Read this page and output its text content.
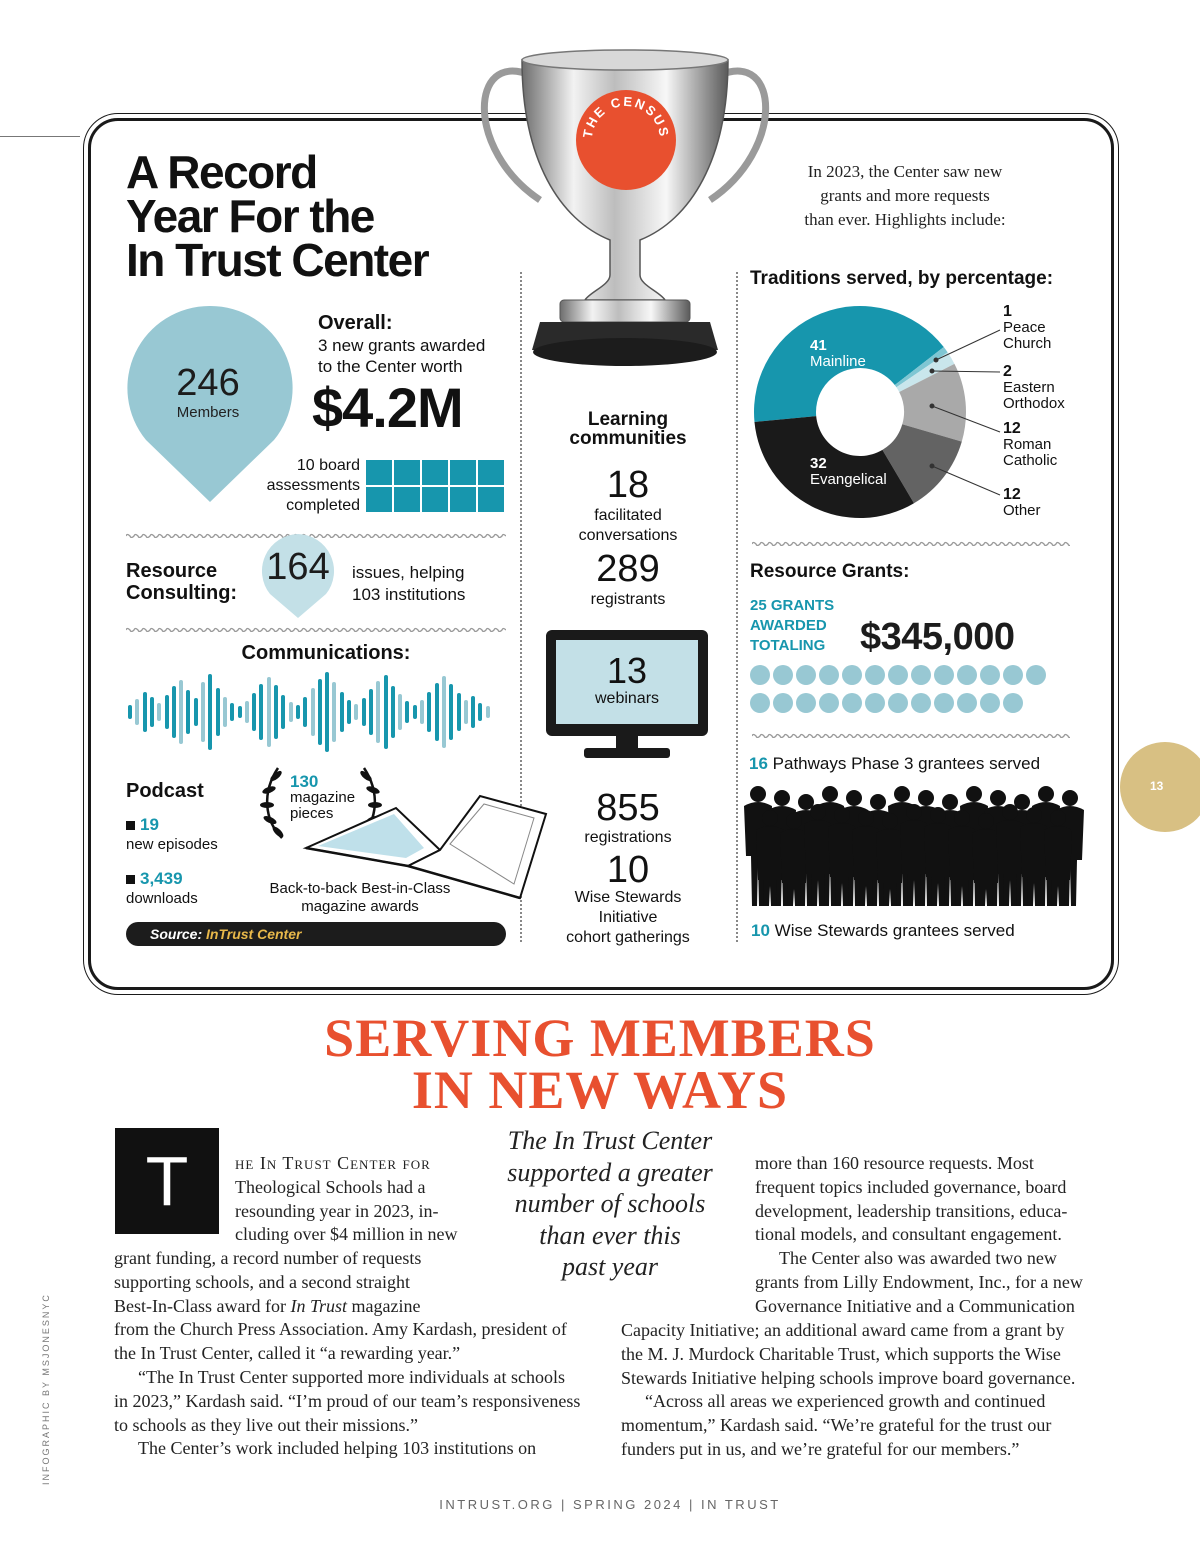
THE CENSUS
A Record
Year For the
In Trust Center
In 2023, the Center saw new
grants and more requests
than ever. Highlights include:
246
Members
Overall:
3 new grants awarded
to the Center worth
$4.2M
10 board
assessments
completed
Resource
Consulting:
164	issues, helping
103 institutions
Communications:
Podcast
19
new episodes
3,439
downloads
130
magazine
pieces
Back-to-back Best-in-Class
magazine awards
Source: InTrust Center
Learning
communities
18
facilitated
conversations
289
registrants
13
webinars
855
registrations
10
Wise Stewards
Initiative
cohort gatherings
Traditions served, by percentage:
41
Mainline
32
Evangelical
1
Peace
Church
2
Eastern
Orthodox
12
Roman
Catholic
12
Other
Resource Grants:
25 GRANTS
AWARDED
TOTALING $345,000
16 Pathways Phase 3 grantees served
10 Wise Stewards grantees served
13
INFOGRAPHIC BY MSJONESNYC
SERVING MEMBERS
IN NEW WAYS
T
The In Trust Center
supported a greater
number of schools
than ever this
past year

he In Trust Center for

Theological Schools had a

resounding year in 2023, in-

cluding over $4 million in new

grant funding, a record number of requests

supporting schools, and a second straight

Best-In-Class award for In Trust magazine

from the Church Press Association. Amy Kardash, president of

the In Trust Center, called it “a rewarding year.”

“The In Trust Center supported more individuals at schools

in 2023,” Kardash said. “I’m proud of our team’s responsiveness

to schools as they live out their missions.”

The Center’s work included helping 103 institutions on

more than 160 resource requests. Most

frequent topics included governance, board

development, leadership transitions, educa-

tional models, and consultant engagement.

The Center also was awarded two new

grants from Lilly Endowment, Inc., for a new

Governance Initiative and a Communication

Capacity Initiative; an additional award came from a grant by

the M. J. Murdock Charitable Trust, which supports the Wise

Stewards Initiative helping schools improve board governance.

“Across all areas we experienced growth and continued

momentum,” Kardash said. “We’re grateful for the trust our

funders put in us, and we’re grateful for our members.”

INTRUST.ORG | SPRING 2024 | IN TRUST
